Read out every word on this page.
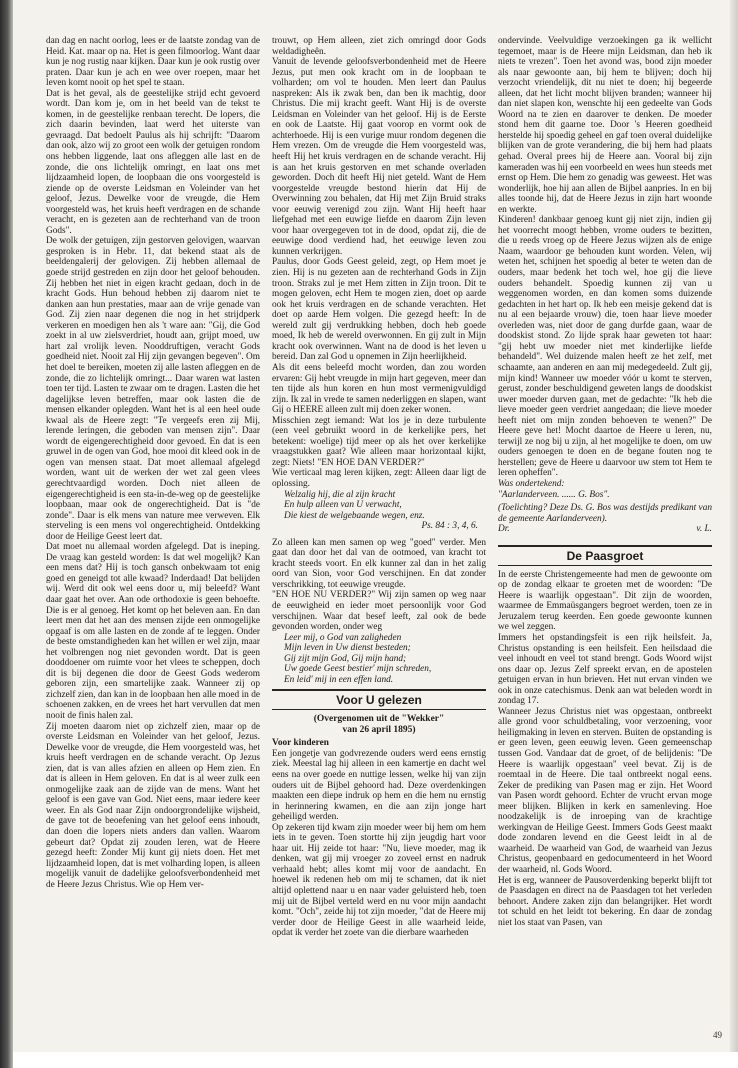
dan dag en nacht oorlog, lees er de laatste zondag van de Heid. Kat. maar op na. Het is geen filmoorlog. Want daar kun je nog rustig naar kijken. Daar kun je ook rustig over praten. Daar kun je ach en wee over roepen, maar het leven komt nooit op het spel te staan.

Dat is het geval, als de geestelijke strijd echt gevoerd wordt. Dan kom je, om in het beeld van de tekst te komen, in de geestelijke renbaan terecht. De lopers, die zich daarin bevinden, laat werd het uiterste van gevraagd. Dat bedoelt Paulus als hij schrijft: "Daarom dan ook, alzo wij zo groot een wolk der getuigen rondom ons hebben liggende, laat ons afleggen alle last en de zonde, die ons lichtelijk omringt, en laat ons met lijdzaamheid lopen, de loopbaan die ons voorgesteld is ziende op de overste Leidsman en Voleinder van het geloof, Jezus. Dewelke voor de vreugde, die Hem voorgesteld was, het kruis heeft verdragen en de schande veracht, en is gezeten aan de rechterhand van de troon Gods".

De wolk der getuigen, zijn gestorven gelovigen, waarvan gesproken is in Hebr. 11, dat bekend staat als de beeldengalerij der gelovigen. Zij hebben allemaal de goede strijd gestreden en zijn door het geloof behouden. Zij hebben het niet in eigen kracht gedaan, doch in de kracht Gods. Hun behoud hebben zij daarom niet te danken aan hun prestaties, maar aan de vrije genade van God. Zij zien naar degenen die nog in het strijdperk verkeren en moedigen hen als 't ware aan: "Gij, die God zoekt in al uw zielsverdriet, houdt aan, grijpt moed, uw hart zal vrolijk leven. Nooddruftigen, veracht Gods goedheid niet. Nooit zal Hij zijn gevangen begeven". Om het doel te bereiken, moeten zij alle lasten afleggen en de zonde, die zo lichtelijk omringt... Daar waren wat lasten toen ter tijd. Lasten te zwaar om te dragen. Lasten die het dagelijkse leven betreffen, maar ook lasten die de mensen elkander oplegden. Want het is al een heel oude kwaal als de Heere zegt: "Te vergeefs eren zij Mij, lerende leringen, die geboden van mensen zijn". Daar wordt de eigengerechtigheid door gevoed. En dat is een gruwel in de ogen van God, hoe mooi dit kleed ook in de ogen van mensen staat. Dat moet allemaal afgelegd worden, want uit de werken der wet zal geen vlees gerechtvaardigd worden. Doch niet alleen de eigengerechtigheid is een sta-in-de-weg op de geestelijke loopbaan, maar ook de ongerechtigheid. Dat is "de zonde". Daar is elk mens van nature mee verweven. Elk sterveling is een mens vol ongerechtigheid. Ontdekking door de Heilige Geest leert dat.

Dat moet nu allemaal worden afgelegd. Dat is ineping. De vraag kan gesteld worden: Is dat wel mogelijk? Kan een mens dat? Hij is toch gansch onbekwaam tot enig goed en geneigd tot alle kwaad? Inderdaad! Dat belijden wij. Werd dit ook wel eens door u, mij beleefd? Want daar gaat het over. Aan ode orthodoxie is geen behoefte. Die is er al genoeg. Het komt op het beleven aan. En dan leert men dat het aan des mensen zijde een onmogelijke opgaaf is om alle lasten en de zonde af te leggen. Onder de beste omstandigheden kan het willen er wel zijn, maar het volbrengen nog niet gevonden wordt. Dat is geen dooddoener om ruimte voor het vlees te scheppen, doch dit is bij degenen die door de Geest Gods wederom geboren zijn, een smartelijke zaak. Wanneer zij op zichzelf zien, dan kan in de loopbaan hen alle moed in de schoenen zakken, en de vrees het hart vervullen dat men nooit de finis halen zal.

Zij moeten daarom niet op zichzelf zien, maar op de overste Leidsman en Voleinder van het geloof, Jezus. Dewelke voor de vreugde, die Hem voorgesteld was, het kruis heeft verdragen en de schande veracht. Op Jezus zien, dat is van alles afzien en alleen op Hem zien. En dat is alleen in Hem geloven. En dat is al weer zulk een onmogelijke zaak aan de zijde van de mens. Want het geloof is een gave van God. Niet eens, maar iedere keer weer. En als God naar Zijn ondoorgrondelijke wijsheid, de gave tot de beoefening van het geloof eens inhoudt, dan doen die lopers niets anders dan vallen. Waarom gebeurt dat? Opdat zij zouden leren, wat de Heere gezegd heeft: Zonder Mij kunt gij niets doen. Het met lijdzaamheid lopen, dat is met volharding lopen, is alleen mogelijk vanuit de dadelijke geloofsverbondenheid met de Heere Jezus Christus. Wie op Hem ver-

trouwt, op Hem alleen, ziet zich omringd door Gods weldadigheên.

Vanuit de levende geloofsverbondenheid met de Heere Jezus, put men ook kracht om in de loopbaan te volharden; om vol te houden. Men leert dan Paulus naspreken: Als ik zwak ben, dan ben ik machtig, door Christus. Die mij kracht geeft. Want Hij is de overste Leidsman en Voleinder van het geloof. Hij is de Eerste en ook de Laatste. Hij gaat voorop en vormt ook de achterhoede. Hij is een vurige muur rondom degenen die Hem vrezen. Om de vreugde die Hem voorgesteld was, heeft Hij het kruis verdragen en de schande veracht. Hij is aan het kruis gestorven en met schande overladen geworden. Doch dit heeft Hij niet geteld. Want de Hem voorgestelde vreugde bestond hierin dat Hij de Overwinning zou behalen, dat Hij met Zijn Bruid straks voor eeuwig verenigd zou zijn. Want Hij heeft haar liefgehad met een euwige liefde en daarom Zijn leven voor haar overgegeven tot in de dood, opdat zij, die de eeuwige dood verdiend had, het eeuwige leven zou kunnen verkrijgen.

Paulus, door Gods Geest geleid, zegt, op Hem moet je zien. Hij is nu gezeten aan de rechterhand Gods in Zijn troon. Straks zul je met Hem zitten in Zijn troon. Dit te mogen geloven, echt Hem te mogen zien, doet op aarde ook het kruis verdragen en de schande verachten. Het doet op aarde Hem volgen. Die gezegd heeft: In de wereld zult gij verdrukking hebben, doch heb goede moed, Ik heb de wereld overwonnen. En gij zult in Mijn kracht ook overwinnen. Want na de dood is het leven u bereid. Dan zal God u opnemen in Zijn heerlijkheid.

Als dit eens beleefd mocht worden, dan zou worden ervaren: Gij hebt vreugde in mijn hart gegeven, meer dan ten tijde als hun koren en hun most vermenigvuldigd zijn. Ik zal in vrede te samen nederliggen en slapen, want Gij o HEERE alleen zult mij doen zeker wonen.

Misschien zegt iemand: Wat los je in deze turbulente (een veel gebruikt woord in de kerkelijke pers, het betekent: woelige) tijd meer op als het over kerkelijke vraagstukken gaat? Wie alleen maar horizontaal kijkt, zegt: Niets! "EN HOE DAN VERDER?"

Wie verticaal mag leren kijken, zegt: Alleen daar ligt de oplossing.

Welzalig hij, die al zijn kracht
En hulp alleen van U verwacht,
Die kiest de welgebaande wegen, enz.
Ps. 84 : 3, 4, 6.

Zo alleen kan men samen op weg "goed" verder. Men gaat dan door het dal van de ootmoed, van kracht tot kracht steeds voort. En elk kunner zal dan in het zalig oord van Sion, voor God verschijnen. En dat zonder verschrikking, tot eeuwige vreugde.

"EN HOE NU VERDER?" Wij zijn samen op weg naar de eeuwigheid en ieder moet persoonlijk voor God verschijnen. Waar dat besef leeft, zal ook de bede gevonden worden, onder weg

Leer mij, o God van zaligheden
Mijn leven in Uw dienst besteden;
Gij zijt mijn God, Gij mijn hand;
Uw goede Geest bestier' mijn schreden,
En leid' mij in een effen land.
Voor U gelezen
(Overgenomen uit de "Wekker"
van 26 april 1895)

Voor kinderen

Een jongetje van godvrezende ouders werd eens ernstig ziek. Meestal lag hij alleen in een kamertje en dacht wel eens na over goede en nuttige lessen, welke hij van zijn ouders uit de Bijbel gehoord had. Deze overdenkingen maakten een diepe indruk op hem en die hem nu ernstig in herinnering kwamen, en die aan zijn jonge hart geheiligd werden.

Op zekeren tijd kwam zijn moeder weer bij hem om hem iets in te geven. Toen stortte hij zijn jeugdig hart voor haar uit. Hij zeide tot haar: "Nu, lieve moeder, mag ik denken, wat gij mij vroeger zo zoveel ernst en nadruk verhaald hebt; alles komt mij voor de aandacht. En hoewel ik redenen heb om mij te schamen, dat ik niet altijd oplettend naar u en naar vader geluisterd heb, toen mij uit de Bijbel verteld werd en nu voor mijn aandacht komt. "Och", zeide hij tot zijn moeder, "dat de Heere mij verder door de Heilige Geest in alle waarheid leide, opdat ik verder het zoete van die dierbare waarheden

ondervinde. Veelvuldige verzoekingen ga ik wellicht tegemoet, maar is de Heere mijn Leidsman, dan heb ik niets te vrezen". Toen het avond was, bood zijn moeder als naar gewoonte aan, bij hem te blijven; doch hij verzocht vriendelijk, dit nu niet te doen; hij begeerde alleen, dat het licht mocht blijven branden; wanneer hij dan niet slapen kon, wenschte hij een gedeelte van Gods Woord na te zien en daarover te denken. De moeder stond hem dit gaarne toe. Door 's Heeren goedheid herstelde hij spoedig geheel en gaf toen overal duidelijke blijken van de grote verandering, die bij hem had plaats gehad. Overal prees hij de Heere aan. Vooral bij zijn kameraden was hij een voorbeeld en wees hun steeds met ernst op Hem. Die hem zo genadig was geweest. Het was wonderlijk, hoe hij aan allen de Bijbel aanpries. In en bij alles toonde hij, dat de Heere Jezus in zijn hart woonde en werkte.

Kinderen! dankbaar genoeg kunt gij niet zijn, indien gij het voorrecht moogt hebben, vrome ouders te bezitten, die u reeds vroeg op de Heere Jezus wijzen als de enige Naam, waardoor ge behouden kunt worden. Velen, wij weten het, schijnen het spoedig al beter te weten dan de ouders, maar bedenk het toch wel, hoe gij die lieve ouders behandelt. Spoedig kunnen zij van u weggenomen worden, en dan komen soms duizende gedachten in het hart op. Ik heb een meisje gekend dat is nu al een bejaarde vrouw) die, toen haar lieve moeder overleden was, niet door de gang durfde gaan, waar de doodskist stond. Zo lijde sprak haar geweten tot haar: "gij hebt uw moeder niet met kinderlijke liefde behandeld". Wel duizende malen heeft ze het zelf, met schaamte, aan anderen en aan mij medegedeeld. Zult gij, mijn kind! Wanneer uw moeder vóór u komt te sterven, gerust, zonder beschuldigend geweten langs de doodskist uwer moeder durven gaan, met de gedachte: "Ik heb die lieve moeder geen verdriet aangedaan; die lieve moeder heeft niet om mijn zonden behoeven te wenen?" De Heere geve het! Mocht daartoe de Heere u leren, nu, terwijl ze nog bij u zijn, al het mogelijke te doen, om uw ouders genoegen te doen en de begane fouten nog te herstellen; geve de Heere u daarvoor uw stem tot Hem te leren opheffen".

Was ondertekend:

"Aarlanderveen. ...... G. Bos".

(Toelichting? Deze Ds. G. Bos was destijds predikant van de gemeente Aarlanderveen).

Dr.	v. L.
De Paasgroet

In de eerste Christengemeente had men de gewoonte om op de zondag elkaar te groeten met de woorden: "De Heere is waarlijk opgestaan". Dit zijn de woorden, waarmee de Emmaüsgangers begroet werden, toen ze in Jeruzalem terug keerden. Een goede gewoonte kunnen we wel zeggen.

Immers het opstandingsfeit is een rijk heilsfeit. Ja, Christus opstanding is een heilsfeit. Een heilsdaad die veel inhoudt en veel tot stand brengt. Gods Woord wijst ons daar op. Jezus Zelf spreekt ervan, en de apostelen getuigen ervan in hun brieven. Het nut ervan vinden we ook in onze catechismus. Denk aan wat beleden wordt in zondag 17.

Wanneer Jezus Christus niet was opgestaan, ontbreekt alle grond voor schuldbetaling, voor verzoening, voor heiligmaking in leven en sterven. Buiten de opstanding is er geen leven, geen eeuwig leven. Geen gemeenschap tussen God. Vandaar dat de groet, of de belijdenis: "De Heere is waarlijk opgestaan" veel bevat. Zij is de roemtaal in de Heere. Die taal ontbreekt nogal eens. Zeker de prediking van Pasen mag er zijn. Het Woord van Pasen wordt gehoord. Echter de vrucht ervan moge meer blijken. Blijken in kerk en samenleving. Hoe noodzakelijk is de inroeping van de krachtige werkingvan de Heilige Geest. Immers Gods Geest maakt dode zondaren levend en die Geest leidt in al de waarheid. De waarheid van God, de waarheid van Jezus Christus, geopenbaard en gedocumenteerd in het Woord der waarheid, nl. Gods Woord.

Het is erg, wanneer de Pausoverdenking beperkt blijft tot de Paasdagen en direct na de Paasdagen tot het verleden behoort. Andere zaken zijn dan belangrijker. Het wordt tot schuld en het leidt tot bekering. En daar de zondag niet los staat van Pasen, van

49
